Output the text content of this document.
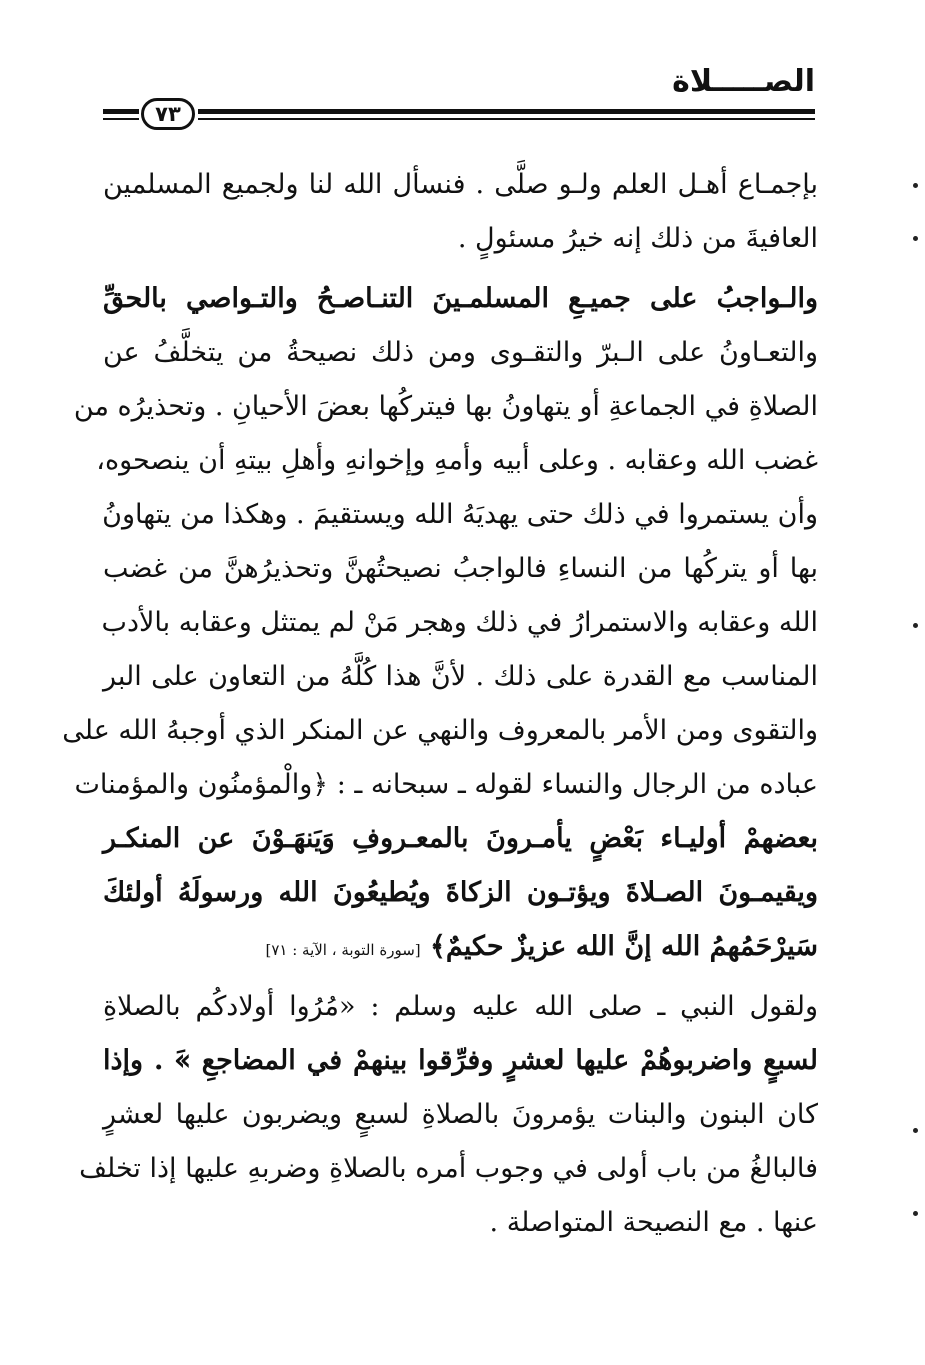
الصـــــلاة
٧٣
بإجمـاع أهـل العلم ولـو صلَّى . فنسأل الله لنا ولجميع المسلمين
العافيةَ من ذلك إنه خيرُ مسئولٍ .
والـواجبُ على جميـعِ المسلمـينَ التنـاصـحُ والتـواصي بالحقِّ
والتعـاونُ على الـبرّ والتقـوى ومن ذلك نصيحةُ من يتخلَّفُ عن
الصلاةِ في الجماعةِ أو يتهاونُ بها فيتركُها بعضَ الأحيانِ . وتحذيرُه من
غضب الله وعقابه . وعلى أبيه وأمهِ وإخوانهِ وأهلِ بيتهِ أن ينصحوه،
وأن يستمروا في ذلك حتى يهديَهُ الله ويستقيمَ . وهكذا من يتهاونُ
بها أو يتركُها من النساءِ فالواجبُ نصيحتُهنَّ وتحذيرُهنَّ من غضب
الله وعقابه والاستمرارُ في ذلك وهجر مَنْ لم يمتثل وعقابه بالأدب
المناسب مع القدرة على ذلك . لأنَّ هذا كُلَّهُ من التعاون على البر
والتقوى ومن الأمر بالمعروف والنهي عن المنكر الذي أوجبهُ الله على
عباده من الرجال والنساء لقوله ـ سبحانه ـ : ﴿والْمؤمنُون والمؤمنات
بعضهمْ أوليـاء بَعْضٍ يأمـرونَ بالمعـروفِ وَيَنهَـوْنَ عن المنكـر
ويقيمـونَ الصـلاةَ ويؤتـون الزكاةَ ويُطيعُونَ الله ورسولَهُ أولئكَ
سَيرْحَمُهمُ الله إنَّ الله عزيزٌ حكيمٌ﴾ [سورة التوبة ، الآية : ٧١]
ولقول النبي ـ صلى الله عليه وسلم : «مُرُوا أولادكُم بالصلاةِ
لسبعٍ واضربوهُمْ عليها لعشرٍ وفرِّقوا بينهمْ في المضاجعِ »َ . وإذا
كان البنون والبنات يؤمرونَ بالصلاةِ لسبعٍ ويضربون عليها لعشرٍ
فالبالغُ من باب أولى في وجوب أمره بالصلاةِ وضربهِ عليها إذا تخلف
عنها . مع النصيحة المتواصلة .
